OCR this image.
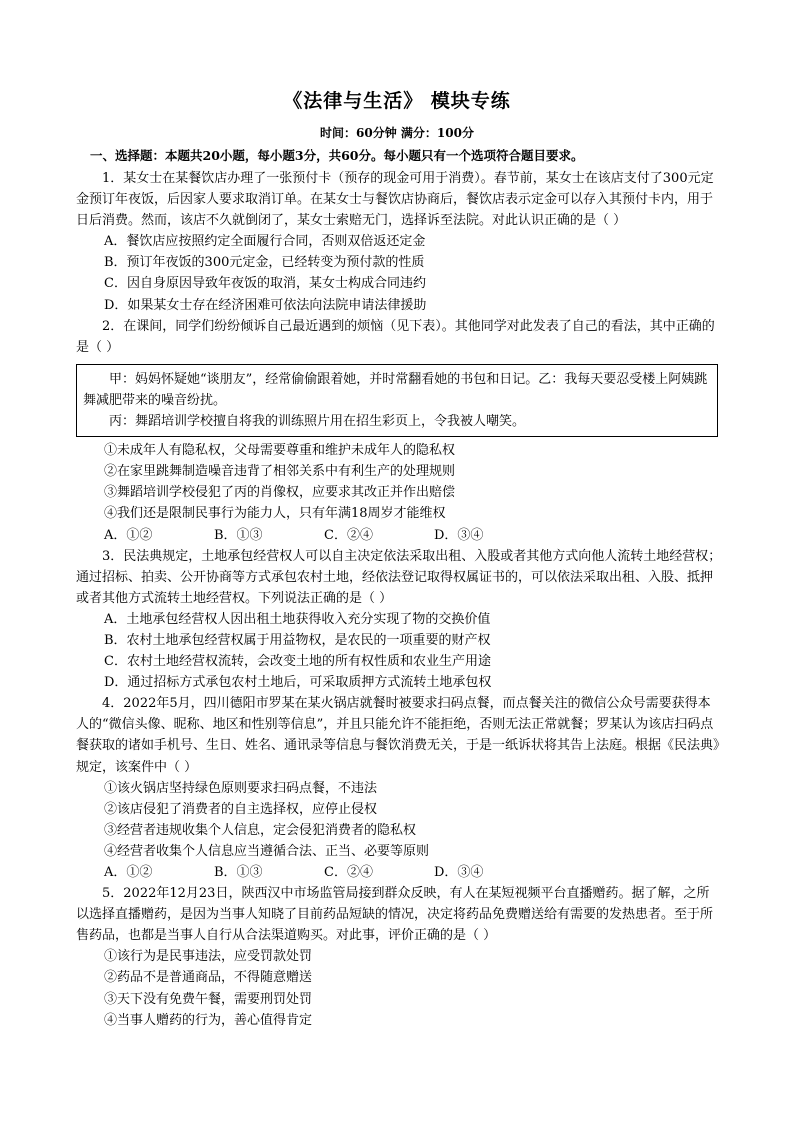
《法律与生活》 模块专练
时间：60分钟 满分：100分
一、选择题：本题共20小题，每小题3分，共60分。每小题只有一个选项符合题目要求。

1．某女士在某餐饮店办理了一张预付卡（预存的现金可用于消费）。春节前，某女士在该店支付了300元定金预订年夜饭，后因家人要求取消订单。在某女士与餐饮店协商后，餐饮店表示定金可以存入其预付卡内，用于日后消费。然而，该店不久就倒闭了，某女士索赔无门，选择诉至法院。对此认识正确的是（ ）

A．餐饮店应按照约定全面履行合同，否则双倍返还定金

B．预订年夜饭的300元定金，已经转变为预付款的性质

C．因自身原因导致年夜饭的取消，某女士构成合同违约

D．如果某女士存在经济困难可依法向法院申请法律援助

2．在课间，同学们纷纷倾诉自己最近遇到的烦恼（见下表）。其他同学对此发表了自己的看法，其中正确的是（ ）

甲：妈妈怀疑她“谈朋友”，经常偷偷跟着她，并时常翻看她的书包和日记。乙：我每天要忍受楼上阿姨跳舞减肥带来的噪音纷扰。

丙：舞蹈培训学校擅自将我的训练照片用在招生彩页上，令我被人嘲笑。

①未成年人有隐私权，父母需要尊重和维护未成年人的隐私权

②在家里跳舞制造噪音违背了相邻关系中有利生产的处理规则

③舞蹈培训学校侵犯了丙的肖像权，应要求其改正并作出赔偿

④我们还是限制民事行为能力人，只有年满18周岁才能维权

A．①②	B．①③	C．②④	D．③④

3．民法典规定，土地承包经营权人可以自主决定依法采取出租、入股或者其他方式向他人流转土地经营权；通过招标、拍卖、公开协商等方式承包农村土地，经依法登记取得权属证书的，可以依法采取出租、入股、抵押或者其他方式流转土地经营权。下列说法正确的是（ ）

A．土地承包经营权人因出租土地获得收入充分实现了物的交换价值

B．农村土地承包经营权属于用益物权，是农民的一项重要的财产权

C．农村土地经营权流转，会改变土地的所有权性质和农业生产用途

D．通过招标方式承包农村土地后，可采取质押方式流转土地承包权

4．2022年5月，四川德阳市罗某在某火锅店就餐时被要求扫码点餐，而点餐关注的微信公众号需要获得本人的“微信头像、昵称、地区和性别等信息”，并且只能允许不能拒绝，否则无法正常就餐；罗某认为该店扫码点餐获取的诸如手机号、生日、姓名、通讯录等信息与餐饮消费无关，于是一纸诉状将其告上法庭。根据《民法典》规定，该案件中（ ）

①该火锅店坚持绿色原则要求扫码点餐，不违法

②该店侵犯了消费者的自主选择权，应停止侵权

③经营者违规收集个人信息，定会侵犯消费者的隐私权

④经营者收集个人信息应当遵循合法、正当、必要等原则

A．①②	B．①③	C．②④	D．③④

5．2022年12月23日，陕西汉中市场监管局接到群众反映，有人在某短视频平台直播赠药。据了解，之所以选择直播赠药，是因为当事人知晓了目前药品短缺的情况，决定将药品免费赠送给有需要的发热患者。至于所售药品，也都是当事人自行从合法渠道购买。对此事，评价正确的是（ ）

①该行为是民事违法，应受罚款处罚

②药品不是普通商品，不得随意赠送

③天下没有免费午餐，需要刑罚处罚

④当事人赠药的行为，善心值得肯定
